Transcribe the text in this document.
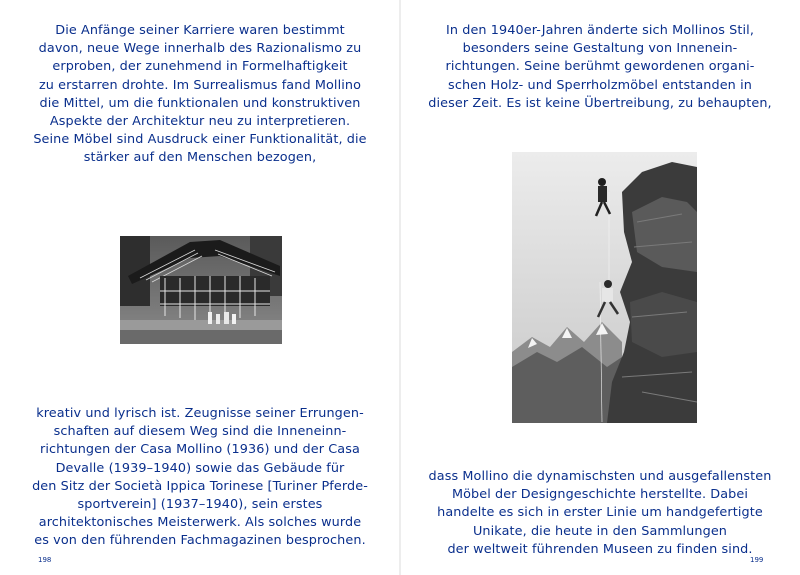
Die Anfänge seiner Karriere waren bestimmt
davon, neue Wege innerhalb des Razionalismo zu
erproben, der zunehmend in Formelhaftigkeit
zu erstarren drohte. Im Surrealismus fand Mollino
die Mittel, um die funktionalen und konstruktiven
Aspekte der Architektur neu zu interpretieren.
Seine Möbel sind Ausdruck einer Funktionalität, die
stärker auf den Menschen bezogen,

kreativ und lyrisch ist. Zeugnisse seiner Errungen-
schaften auf diesem Weg sind die Inneneinn-
richtungen der Casa Mollino (1936) und der Casa
Devalle (1939–1940) sowie das Gebäude für
den Sitz der Società Ippica Torinese [Turiner Pferde-
sportverein] (1937–1940), sein erstes
architektonisches Meisterwerk. Als solches wurde
es von den führenden Fachmagazinen besprochen.

198

In den 1940er-Jahren änderte sich Mollinos Stil,
besonders seine Gestaltung von Innenein-
richtungen. Seine berühmt gewordenen organi-
schen Holz- und Sperrholzmöbel entstanden in
dieser Zeit. Es ist keine Übertreibung, zu behaupten,

dass Mollino die dynamischsten und ausgefallensten
Möbel der Designgeschichte herstellte. Dabei
handelte es sich in erster Linie um handgefertigte
Unikate, die heute in den Sammlungen
der weltweit führenden Museen zu finden sind.

199
